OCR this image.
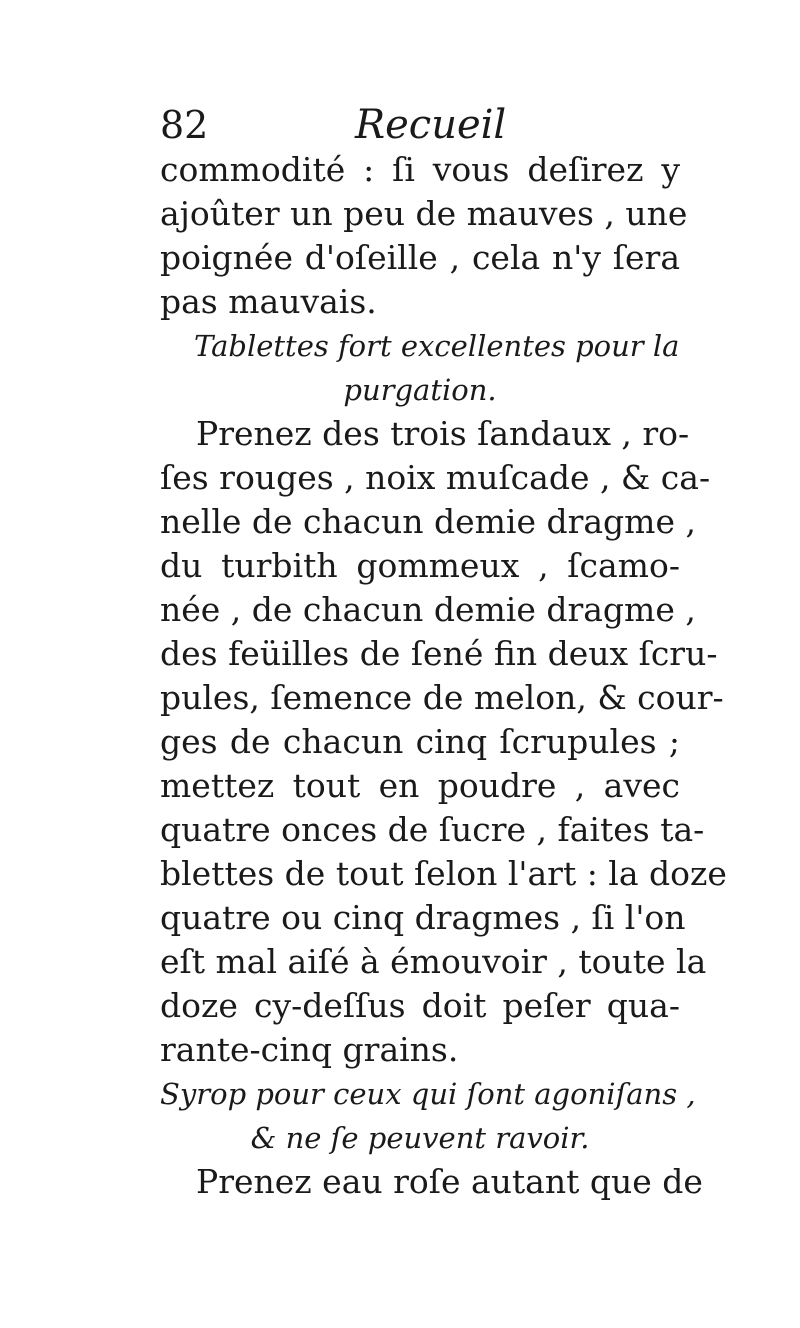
82	Recueil
commodité : ſi vous deſirez y
ajoûter un peu de mauves , une
poignée d'oſeille , cela n'y ſera
pas mauvais.
Tablettes fort excellentes pour la
purgation.
Prenez des trois ſandaux , ro-
ſes rouges , noix muſcade , & ca-
nelle de chacun demie dragme ,
du turbith gommeux , ſcamo-
née , de chacun demie dragme ,
des feüilles de ſené fin deux ſcru-
pules, ſemence de melon, & cour-
ges de chacun cinq ſcrupules ;
mettez tout en poudre , avec
quatre onces de ſucre , faites ta-
blettes de tout ſelon l'art : la doze
quatre ou cinq dragmes , ſi l'on
eſt mal aiſé à émouvoir , toute la
doze cy-deſſus doit peſer qua-
rante-cinq grains.
Syrop pour ceux qui ſont agoniſans ,
& ne ſe peuvent ravoir.
Prenez eau roſe autant que de
